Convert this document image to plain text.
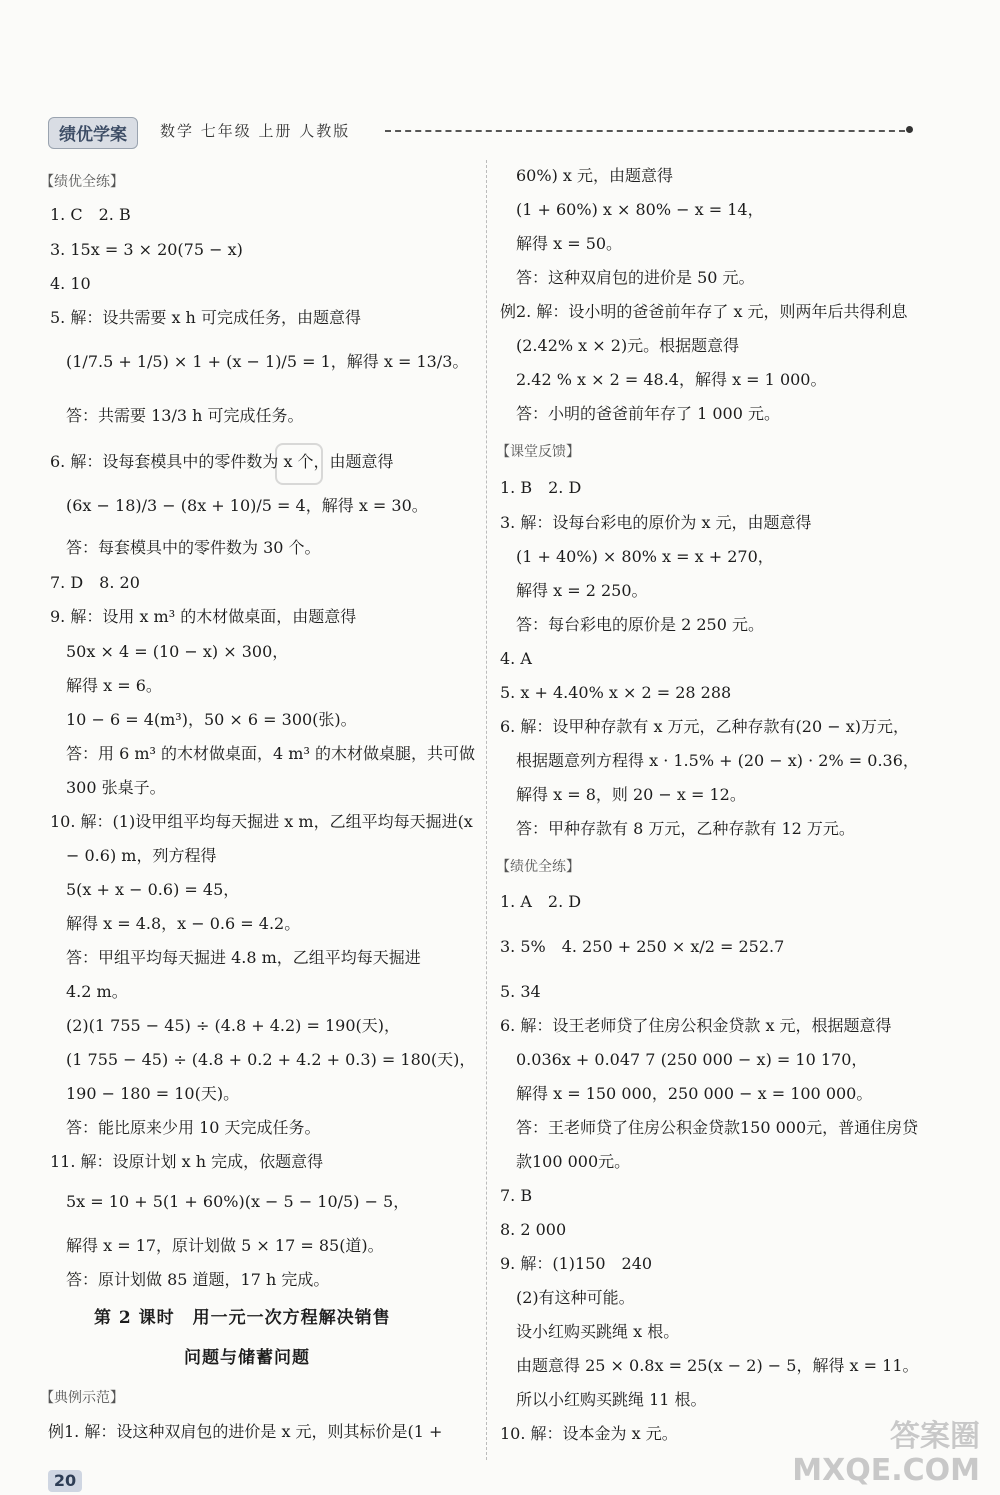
绩优学案	数学 七年级 上册 人教版
【绩优全练】
1. C　2. B
3. 15x = 3 × 20(75 − x)
4. 10
5. 解：设共需要 x h 可完成任务，由题意得
(1/7.5 + 1/5) × 1 + (x − 1)/5 = 1，解得 x = 13/3。
答：共需要 13/3 h 可完成任务。
6. 解：设每套模具中的零件数为 x 个，由题意得
(6x − 18)/3 − (8x + 10)/5 = 4，解得 x = 30。
答：每套模具中的零件数为 30 个。
7. D　8. 20
9. 解：设用 x m³ 的木材做桌面，由题意得
50x × 4 = (10 − x) × 300，
解得 x = 6。
10 − 6 = 4(m³)，50 × 6 = 300(张)。
答：用 6 m³ 的木材做桌面，4 m³ 的木材做桌腿，共可做
300 张桌子。
10. 解：(1)设甲组平均每天掘进 x m，乙组平均每天掘进(x
− 0.6) m，列方程得
5(x + x − 0.6) = 45，
解得 x = 4.8，x − 0.6 = 4.2。
答：甲组平均每天掘进 4.8 m，乙组平均每天掘进
4.2 m。
(2)(1 755 − 45) ÷ (4.8 + 4.2) = 190(天)，
(1 755 − 45) ÷ (4.8 + 0.2 + 4.2 + 0.3) = 180(天)，
190 − 180 = 10(天)。
答：能比原来少用 10 天完成任务。
11. 解：设原计划 x h 完成，依题意得
5x = 10 + 5(1 + 60%)(x − 5 − 10/5) − 5，
解得 x = 17，原计划做 5 × 17 = 85(道)。
答：原计划做 85 道题，17 h 完成。
第 2 课时　用一元一次方程解决销售
问题与储蓄问题
【典例示范】
例1. 解：设这种双肩包的进价是 x 元，则其标价是(1 +
60%) x 元，由题意得
(1 + 60%) x × 80% − x = 14，
解得 x = 50。
答：这种双肩包的进价是 50 元。
例2. 解：设小明的爸爸前年存了 x 元，则两年后共得利息
(2.42% x × 2)元。根据题意得
2.42 % x × 2 = 48.4，解得 x = 1 000。
答：小明的爸爸前年存了 1 000 元。
【课堂反馈】
1. B　2. D
3. 解：设每台彩电的原价为 x 元，由题意得
(1 + 40%) × 80% x = x + 270，
解得 x = 2 250。
答：每台彩电的原价是 2 250 元。
4. A
5. x + 4.40% x × 2 = 28 288
6. 解：设甲种存款有 x 万元，乙种存款有(20 − x)万元，
根据题意列方程得 x · 1.5% + (20 − x) · 2% = 0.36，
解得 x = 8，则 20 − x = 12。
答：甲种存款有 8 万元，乙种存款有 12 万元。
【绩优全练】
1. A　2. D
3. 5%　4. 250 + 250 × x/2 = 252.7
5. 34
6. 解：设王老师贷了住房公积金贷款 x 元，根据题意得
0.036x + 0.047 7 (250 000 − x) = 10 170，
解得 x = 150 000，250 000 − x = 100 000。
答：王老师贷了住房公积金贷款150 000元，普通住房贷
款100 000元。
7. B
8. 2 000
9. 解：(1)150　240
(2)有这种可能。
设小红购买跳绳 x 根。
由题意得 25 × 0.8x = 25(x − 2) − 5，解得 x = 11。
所以小红购买跳绳 11 根。
10. 解：设本金为 x 元。
20
答案圈
MXQE.COM
